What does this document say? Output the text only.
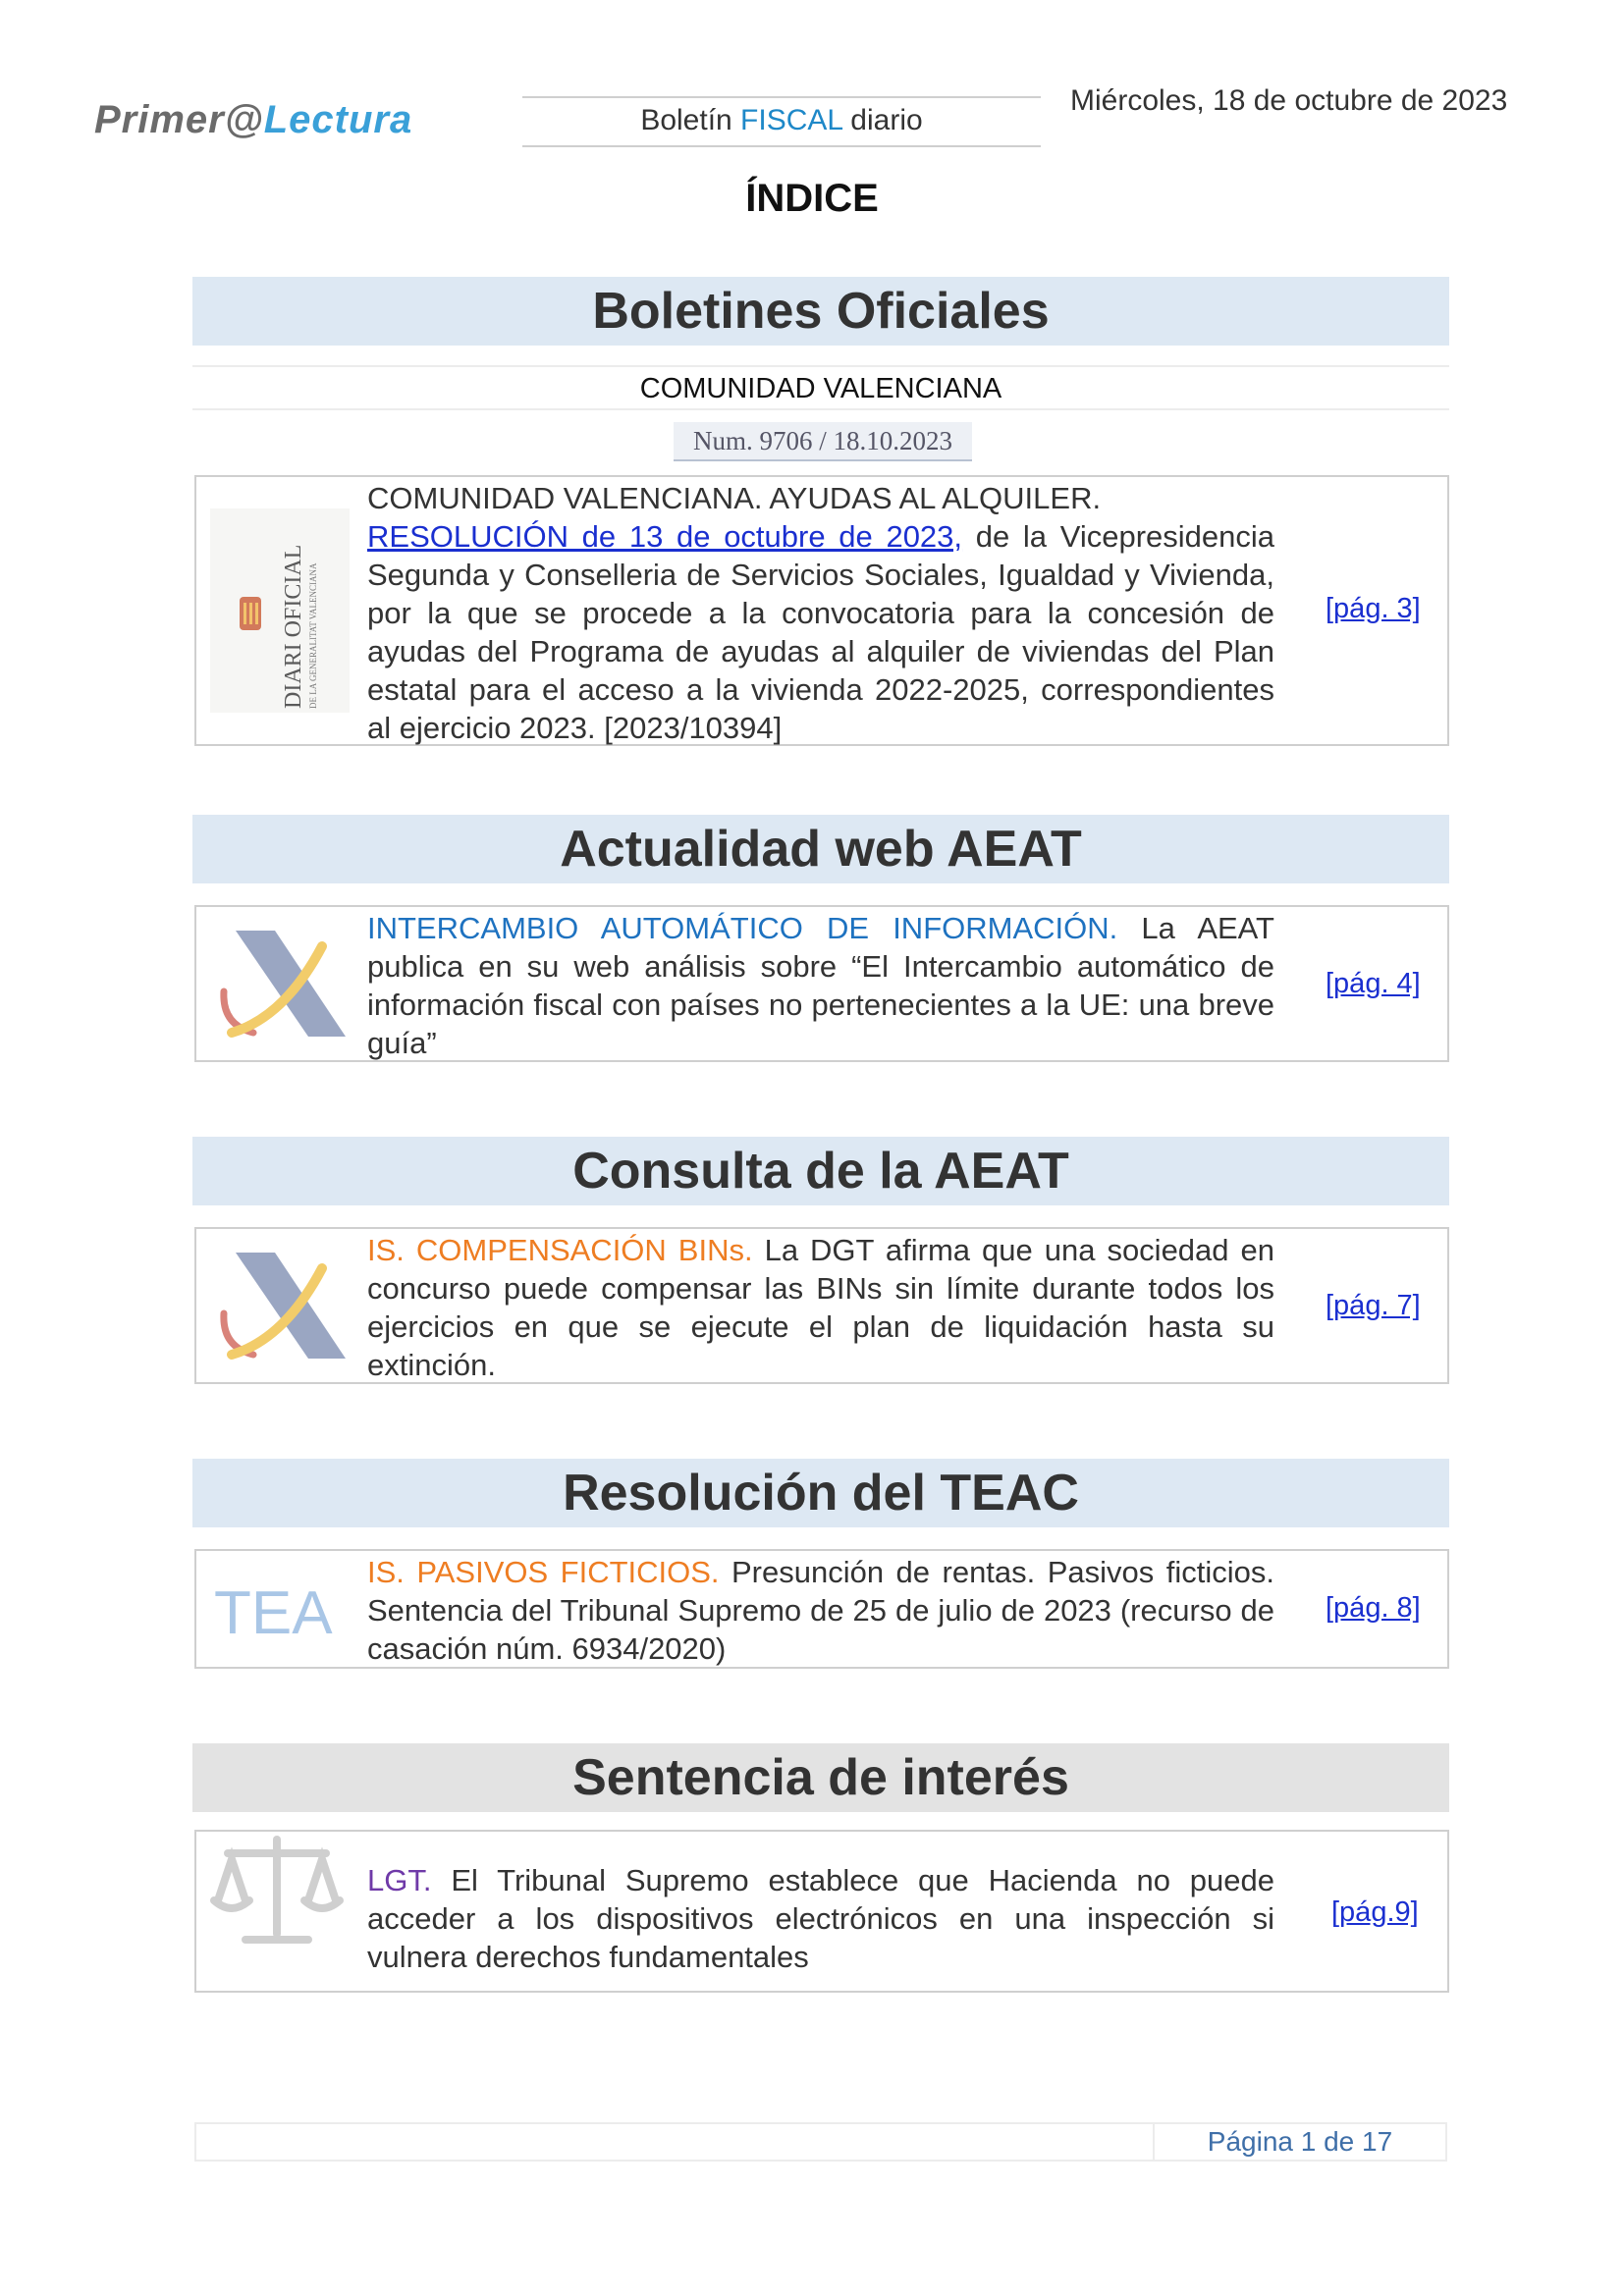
Primer@Lectura	Boletín FISCAL diario
Miércoles, 18 de octubre de 2023
ÍNDICE
Boletines Oficiales
COMUNIDAD VALENCIANA
Num. 9706 / 18.10.2023
DIARI OFICIAL DE LA GENERALITAT VALENCIANA
COMUNIDAD VALENCIANA. AYUDAS AL ALQUILER.
RESOLUCIÓN de 13 de octubre de 2023, de la Vicepresidencia Segunda y Conselleria de Servicios Sociales, Igualdad y Vivienda, por la que se procede a la convocatoria para la concesión de ayudas del Programa de ayudas al alquiler de viviendas del Plan estatal para el acceso a la vivienda 2022-2025, correspondientes al ejercicio 2023. [2023/10394]
[pág. 3]
Actualidad web AEAT
INTERCAMBIO AUTOMÁTICO DE INFORMACIÓN. La AEAT publica en su web análisis sobre “El Intercambio automático de información fiscal con países no pertenecientes a la UE: una breve guía”
[pág. 4]
Consulta de la AEAT
IS. COMPENSACIÓN BINs. La DGT afirma que una sociedad en concurso puede compensar las BINs sin límite durante todos los ejercicios en que se ejecute el plan de liquidación hasta su extinción.
[pág. 7]
Resolución del TEAC
TEA
IS. PASIVOS FICTICIOS. Presunción de rentas. Pasivos ficticios. Sentencia del Tribunal Supremo de 25 de julio de 2023 (recurso de casación núm. 6934/2020)
[pág. 8]
Sentencia de interés
LGT. El Tribunal Supremo establece que Hacienda no puede acceder a los dispositivos electrónicos en una inspección si vulnera derechos fundamentales
[pág.9]
Página 1 de 17
